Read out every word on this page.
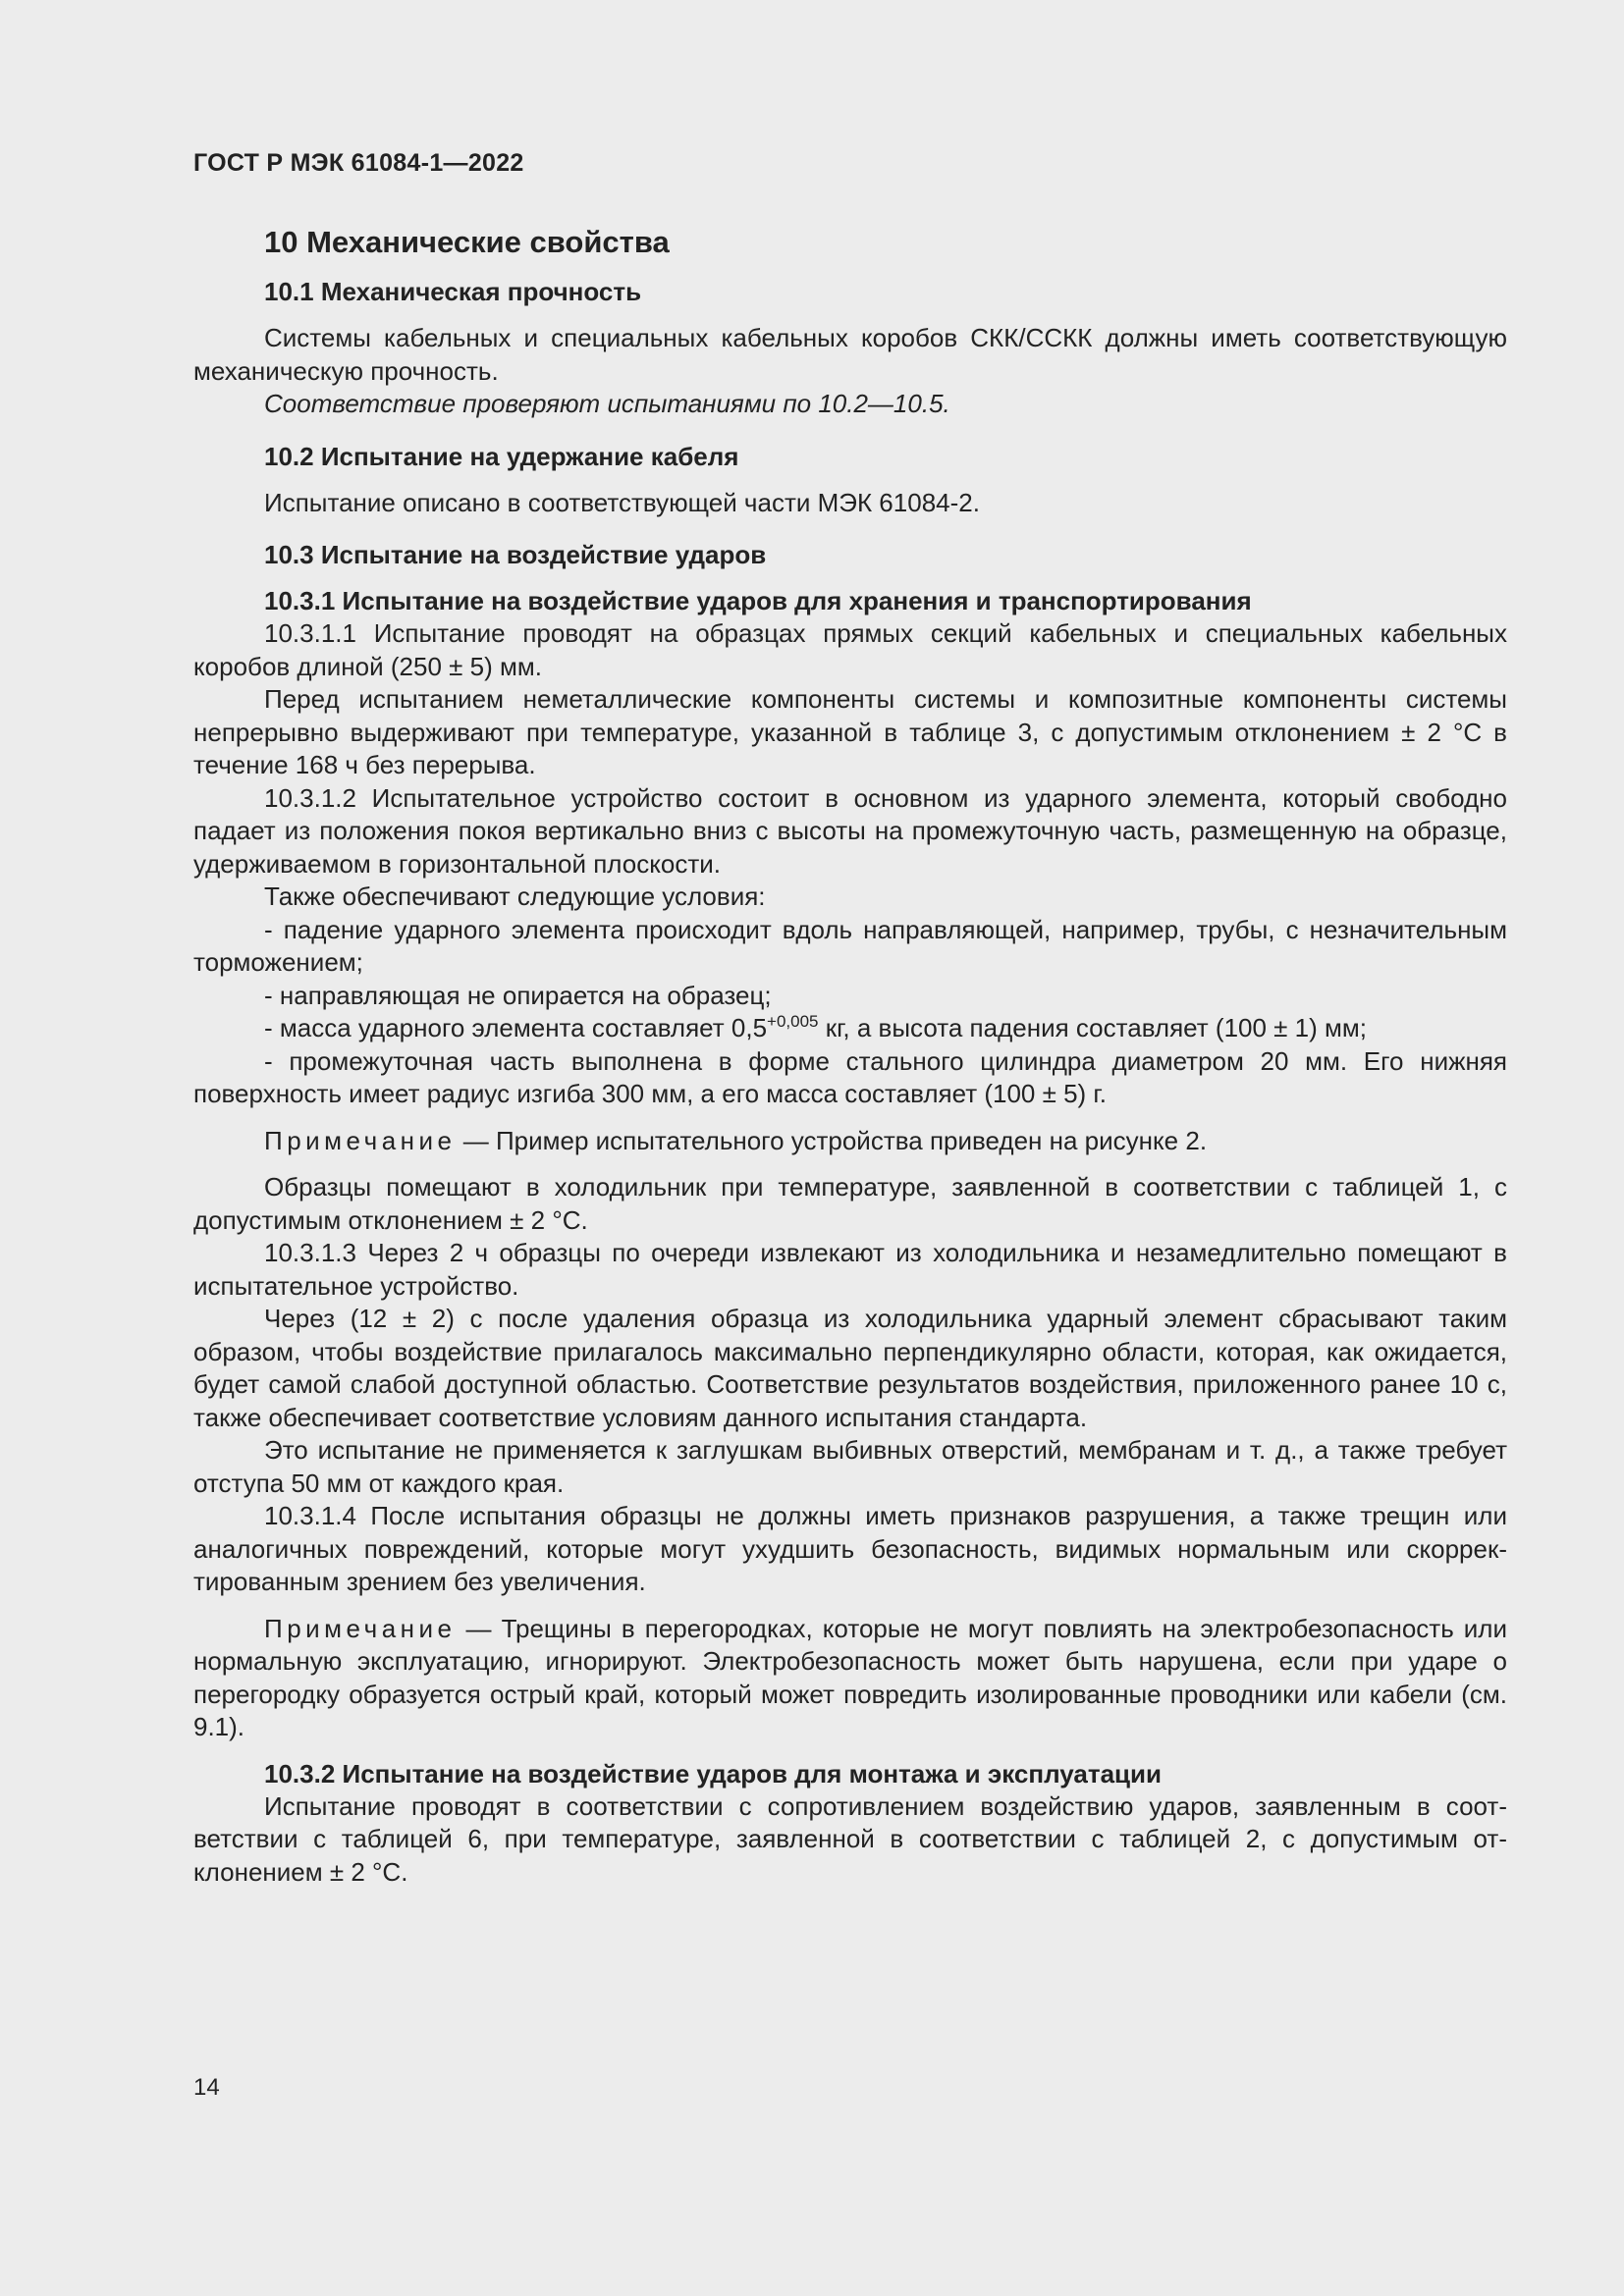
ГОСТ Р МЭК 61084-1—2022
10 Механические свойства
10.1 Механическая прочность

Системы кабельных и специальных кабельных коробов СКК/ССКК должны иметь соответствующую механическую прочность.

Соответствие проверяют испытаниями по 10.2—10.5.

10.2 Испытание на удержание кабеля

Испытание описано в соответствующей части МЭК 61084-2.

10.3 Испытание на воздействие ударов
10.3.1 Испытание на воздействие ударов для хранения и транспортирования

10.3.1.1 Испытание проводят на образцах прямых секций кабельных и специальных кабельных коробов длиной (250 ± 5) мм.

Перед испытанием неметаллические компоненты системы и композитные компоненты системы непрерывно выдерживают при температуре, указанной в таблице 3, с допустимым отклонением ± 2 °С в течение 168 ч без перерыва.

10.3.1.2 Испытательное устройство состоит в основном из ударного элемента, который свободно падает из положения покоя вертикально вниз с высоты на промежуточную часть, размещенную на образце, удерживаемом в горизонтальной плоскости.

Также обеспечивают следующие условия:

- падение ударного элемента происходит вдоль направляющей, например, трубы, с незначительным торможением;

- направляющая не опирается на образец;

- масса ударного элемента составляет $0,5^{+0,005}$ кг, а высота падения составляет (100 ± 1) мм;

- промежуточная часть выполнена в форме стального цилиндра диаметром 20 мм. Его нижняя поверхность имеет радиус изгиба 300 мм, а его масса составляет (100 ± 5) г.

Примечание — Пример испытательного устройства приведен на рисунке 2.

Образцы помещают в холодильник при температуре, заявленной в соответствии с таблицей 1, с допустимым отклонением ± 2 °С.

10.3.1.3 Через 2 ч образцы по очереди извлекают из холодильника и незамедлительно помещают в испытательное устройство.

Через (12 ± 2) с после удаления образца из холодильника ударный элемент сбрасывают таким образом, чтобы воздействие прилагалось максимально перпендикулярно области, которая, как ожидается, будет самой слабой доступной областью. Соответствие результатов воздействия, приложенного ранее 10 с, также обеспечивает соответствие условиям данного испытания стандарта.

Это испытание не применяется к заглушкам выбивных отверстий, мембранам и т. д., а также требует отступа 50 мм от каждого края.

10.3.1.4 После испытания образцы не должны иметь признаков разрушения, а также трещин или аналогичных повреждений, которые могут ухудшить безопасность, видимых нормальным или скорректированным зрением без увеличения.

Примечание — Трещины в перегородках, которые не могут повлиять на электробезопасность или нормальную эксплуатацию, игнорируют. Электробезопасность может быть нарушена, если при ударе о перегородку образуется острый край, который может повредить изолированные проводники или кабели (см. 9.1).

10.3.2 Испытание на воздействие ударов для монтажа и эксплуатации

Испытание проводят в соответствии с сопротивлением воздействию ударов, заявленным в соответствии с таблицей 6, при температуре, заявленной в соответствии с таблицей 2, с допустимым отклонением ± 2 °С.

14
